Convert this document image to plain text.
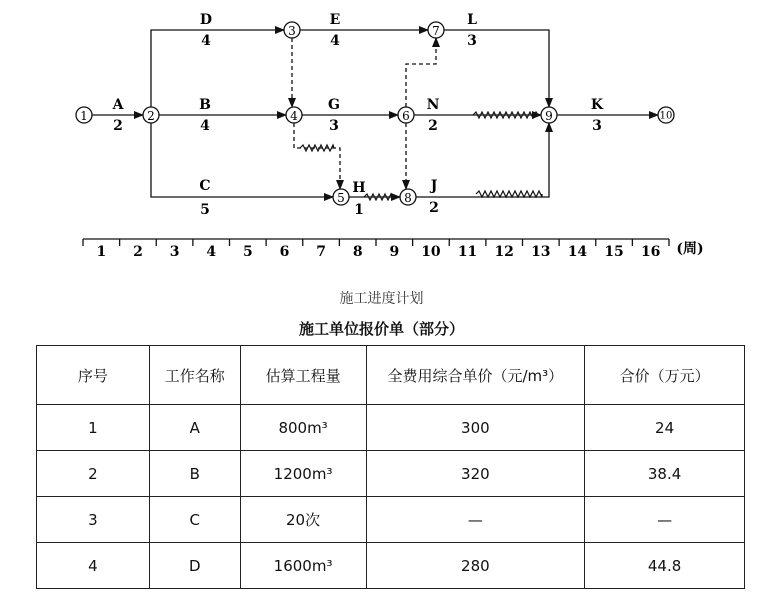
1	2
3
4
5
6
7
8
9	10
A
2
B
4
C
5
D
4
E
4
G
3
H
1
J
2
K
3
L
3
N
2
1 2 3 4 5 6 7 8 9 10 11 12 13 14 15 16 (周)
施工进度计划
施工单位报价单（部分）
序号	工作名称	估算工程量	全费用综合单价（元/m³）	合价（万元）
1	A	800m³	300	24
2	B	1200m³	320	38.4
3	C	20次	—	—
4	D	1600m³	280	44.8
